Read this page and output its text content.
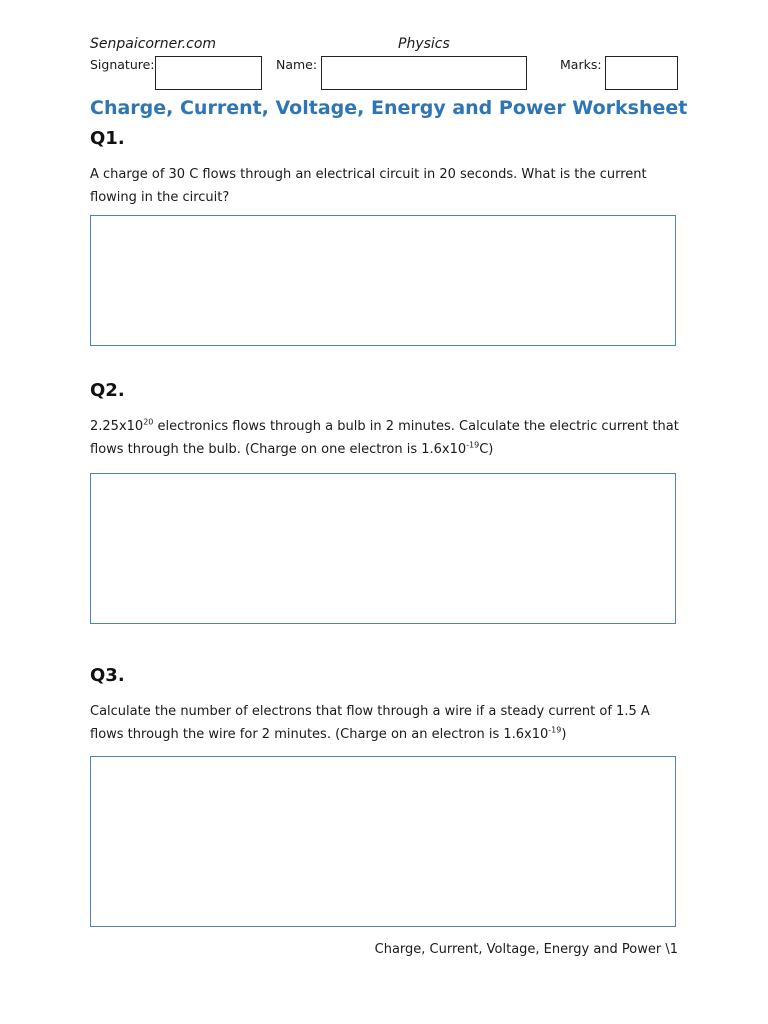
Senpaicorner.com	Physics
Signature:	Name:	Marks:
Charge, Current, Voltage, Energy and Power Worksheet
Q1.
A charge of 30 C flows through an electrical circuit in 20 seconds. What is the current flowing in the circuit?
Q2.
$2.25x10^{20}$ electronics flows through a bulb in 2 minutes. Calculate the electric current that flows through the bulb. (Charge on one electron is $1.6x10^{-19}C$)
Q3.
Calculate the number of electrons that flow through a wire if a steady current of 1.5 A flows through the wire for 2 minutes. (Charge on an electron is $1.6x10^{-19}$)
Charge, Current, Voltage, Energy and Power \1
